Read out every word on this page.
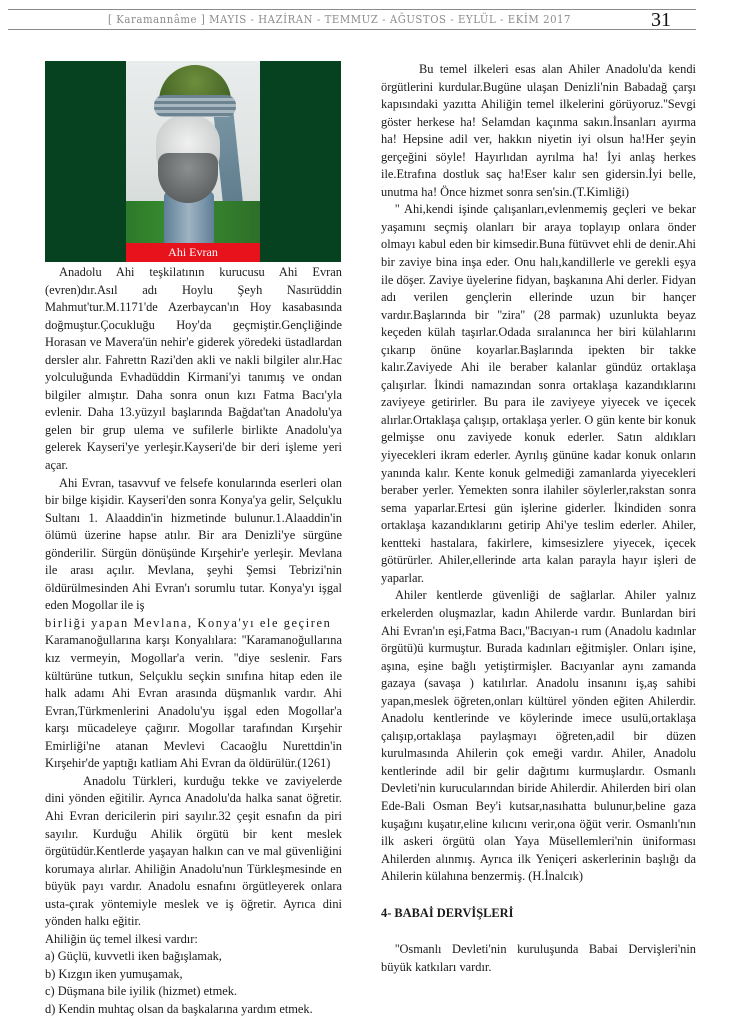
[ Karamannâme ] MAYIS - HAZİRAN - TEMMUZ - AĞUSTOS - EYLÜL - EKİM 2017	31
Ahi Evran

Anadolu Ahi teşkilatının kurucusu Ahi Evran (evren)dır.Asıl adı Hoylu Şeyh Nasırüddin Mahmut'tur.M.1171'de Azerbaycan'ın Hoy kasabasında doğmuştur.Çocukluğu Hoy'da geçmiştir.Gençliğinde Horasan ve Mavera'ün nehir'e giderek yöredeki üstadlardan dersler alır. Fahrettn Razi'den akli ve nakli bilgiler alır.Hac yolculuğunda Evhadüddin Kirmani'yi tanımış ve ondan bilgiler almıştır. Daha sonra onun kızı Fatma Bacı'yla evlenir. Daha 13.yüzyıl başlarında Bağdat'tan Anadolu'ya gelen bir grup ulema ve sufilerle birlikte Anadolu'ya gelerek Kayseri'ye yerleşir.Kayseri'de bir deri işleme yeri açar.

Ahi Evran, tasavvuf ve felsefe konularında eserleri olan bir bilge kişidir. Kayseri'den sonra Konya'ya gelir, Selçuklu Sultanı 1. Alaaddin'in hizmetinde bulunur.1.Alaaddin'in ölümü üzerine hapse atılır. Bir ara Denizli'ye sürgüne gönderilir. Sürgün dönüşünde Kırşehir'e yerleşir. Mevlana ile arası açılır. Mevlana, şeyhi Şemsi Tebrizi'nin öldürülmesinden Ahi Evran'ı sorumlu tutar. Konya'yı işgal eden Mogollar ile iş

birliği yapan Mevlana, Konya'yı ele geçiren

Karamanoğullarına karşı Konyalılara: ''Karamanoğullarına kız vermeyin, Mogollar'a verin. ''diye seslenir. Fars kültürüne tutkun, Selçuklu seçkin sınıfına hitap eden ile halk adamı Ahi Evran arasında düşmanlık vardır. Ahi Evran,Türkmenlerini Anadolu'yu işgal eden Mogollar'a karşı mücadeleye çağırır. Mogollar tarafından Kırşehir Emirliği'ne atanan Mevlevi Cacaoğlu Nurettdin'in Kırşehir'de yaptığı katliam Ahi Evran da öldürülür.(1261)

Anadolu Türkleri, kurduğu tekke ve zaviyelerde dini yönden eğitilir. Ayrıca Anadolu'da halka sanat öğretir. Ahi Evran dericilerin piri sayılır.32 çeşit esnafın da piri sayılır. Kurduğu Ahilik örgütü bir kent meslek örgütüdür.Kentlerde yaşayan halkın can ve mal güvenliğini korumaya alırlar. Ahiliğin Anadolu'nun Türkleşmesinde en büyük payı vardır. Anadolu esnafını örgütleyerek onlara usta-çırak yöntemiyle meslek ve iş öğretir. Ayrıca dini yönden halkı eğitir.

Ahiliğin üç temel ilkesi vardır:

a) Güçlü, kuvvetli iken bağışlamak,

b) Kızgın iken yumuşamak,

c) Düşmana bile iyilik (hizmet) etmek.

d) Kendin muhtaç olsan da başkalarına yardım etmek.

Bu temel ilkeleri esas alan Ahiler Anadolu'da kendi örgütlerini kurdular.Bugüne ulaşan Denizli'nin Babadağ çarşı kapısındaki yazıtta Ahiliğin temel ilkelerini görüyoruz.''Sevgi göster herkese ha! Selamdan kaçınma sakın.İnsanları ayırma ha! Hepsine adil ver, hakkın niyetin iyi olsun ha!Her şeyin gerçeğini söyle! Hayırlıdan ayrılma ha! İyi anlaş herkes ile.Etrafına dostluk saç ha!Eser kalır sen gidersin.İyi belle, unutma ha! Önce hizmet sonra sen'sin.(T.Kimliği)

'' Ahi,kendi işinde çalışanları,evlenmemiş geçleri ve bekar yaşamını seçmiş olanları bir araya toplayıp onlara önder olmayı kabul eden bir kimsedir.Buna fütüvvet ehli de denir.Ahi bir zaviye bina inşa eder. Onu halı,kandillerle ve gerekli eşya ile döşer. Zaviye üyelerine fidyan, başkanına Ahi derler. Fidyan adı verilen gençlerin ellerinde uzun bir hançer vardır.Başlarında bir ''zira'' (28 parmak) uzunlukta beyaz keçeden külah taşırlar.Odada sıralanınca her biri külahlarını çıkarıp önüne koyarlar.Başlarında ipekten bir takke kalır.Zaviyede Ahi ile beraber kalanlar gündüz ortaklaşa çalışırlar. İkindi namazından sonra ortaklaşa kazandıklarını zaviyeye getirirler. Bu para ile zaviyeye yiyecek ve içecek alırlar.Ortaklaşa çalışıp, ortaklaşa yerler. O gün kente bir konuk gelmişse onu zaviyede konuk ederler. Satın aldıkları yiyecekleri ikram ederler. Ayrılış gününe kadar konuk onların yanında kalır. Kente konuk gelmediği zamanlarda yiyecekleri beraber yerler. Yemekten sonra ilahiler söylerler,rakstan sonra sema yaparlar.Ertesi gün işlerine giderler. İkindiden sonra ortaklaşa kazandıklarını getirip Ahi'ye teslim ederler. Ahiler, kentteki hastalara, fakirlere, kimsesizlere yiyecek, içecek götürürler. Ahiler,ellerinde arta kalan parayla hayır işleri de yaparlar.

Ahiler kentlerde güvenliği de sağlarlar. Ahiler yalnız erkelerden oluşmazlar, kadın Ahilerde vardır. Bunlardan biri Ahi Evran'ın eşi,Fatma Bacı,''Bacıyan-ı rum (Anadolu kadınlar örgütü)ü kurmuştur. Burada kadınları eğitmişler. Onları işine, aşına, eşine bağlı yetiştirmişler. Bacıyanlar aynı zamanda gazaya (savaşa ) katılırlar. Anadolu insanını iş,aş sahibi yapan,meslek öğreten,onları kültürel yönden eğiten Ahilerdir. Anadolu kentlerinde ve köylerinde imece usulü,ortaklaşa çalışıp,ortaklaşa paylaşmayı öğreten,adil bir düzen kurulmasında Ahilerin çok emeği vardır. Ahiler, Anadolu kentlerinde adil bir gelir dağıtımı kurmuşlardır. Osmanlı Devleti'nin kurucularından biride Ahilerdir. Ahilerden biri olan Ede-Bali Osman Bey'i kutsar,nasıhatta bulunur,beline gaza kuşağını kuşatır,eline kılıcını verir,ona öğüt verir. Osmanlı'nın ilk askeri örgütü olan Yaya Müsellemleri'nin üniforması Ahilerden alınmış. Ayrıca ilk Yeniçeri askerlerinin başlığı da Ahilerin külahına benzermiş. (H.İnalcık)

4- BABAİ DERVİŞLERİ

''Osmanlı Devleti'nin kuruluşunda Babai Dervişleri'nin büyük katkıları vardır.
